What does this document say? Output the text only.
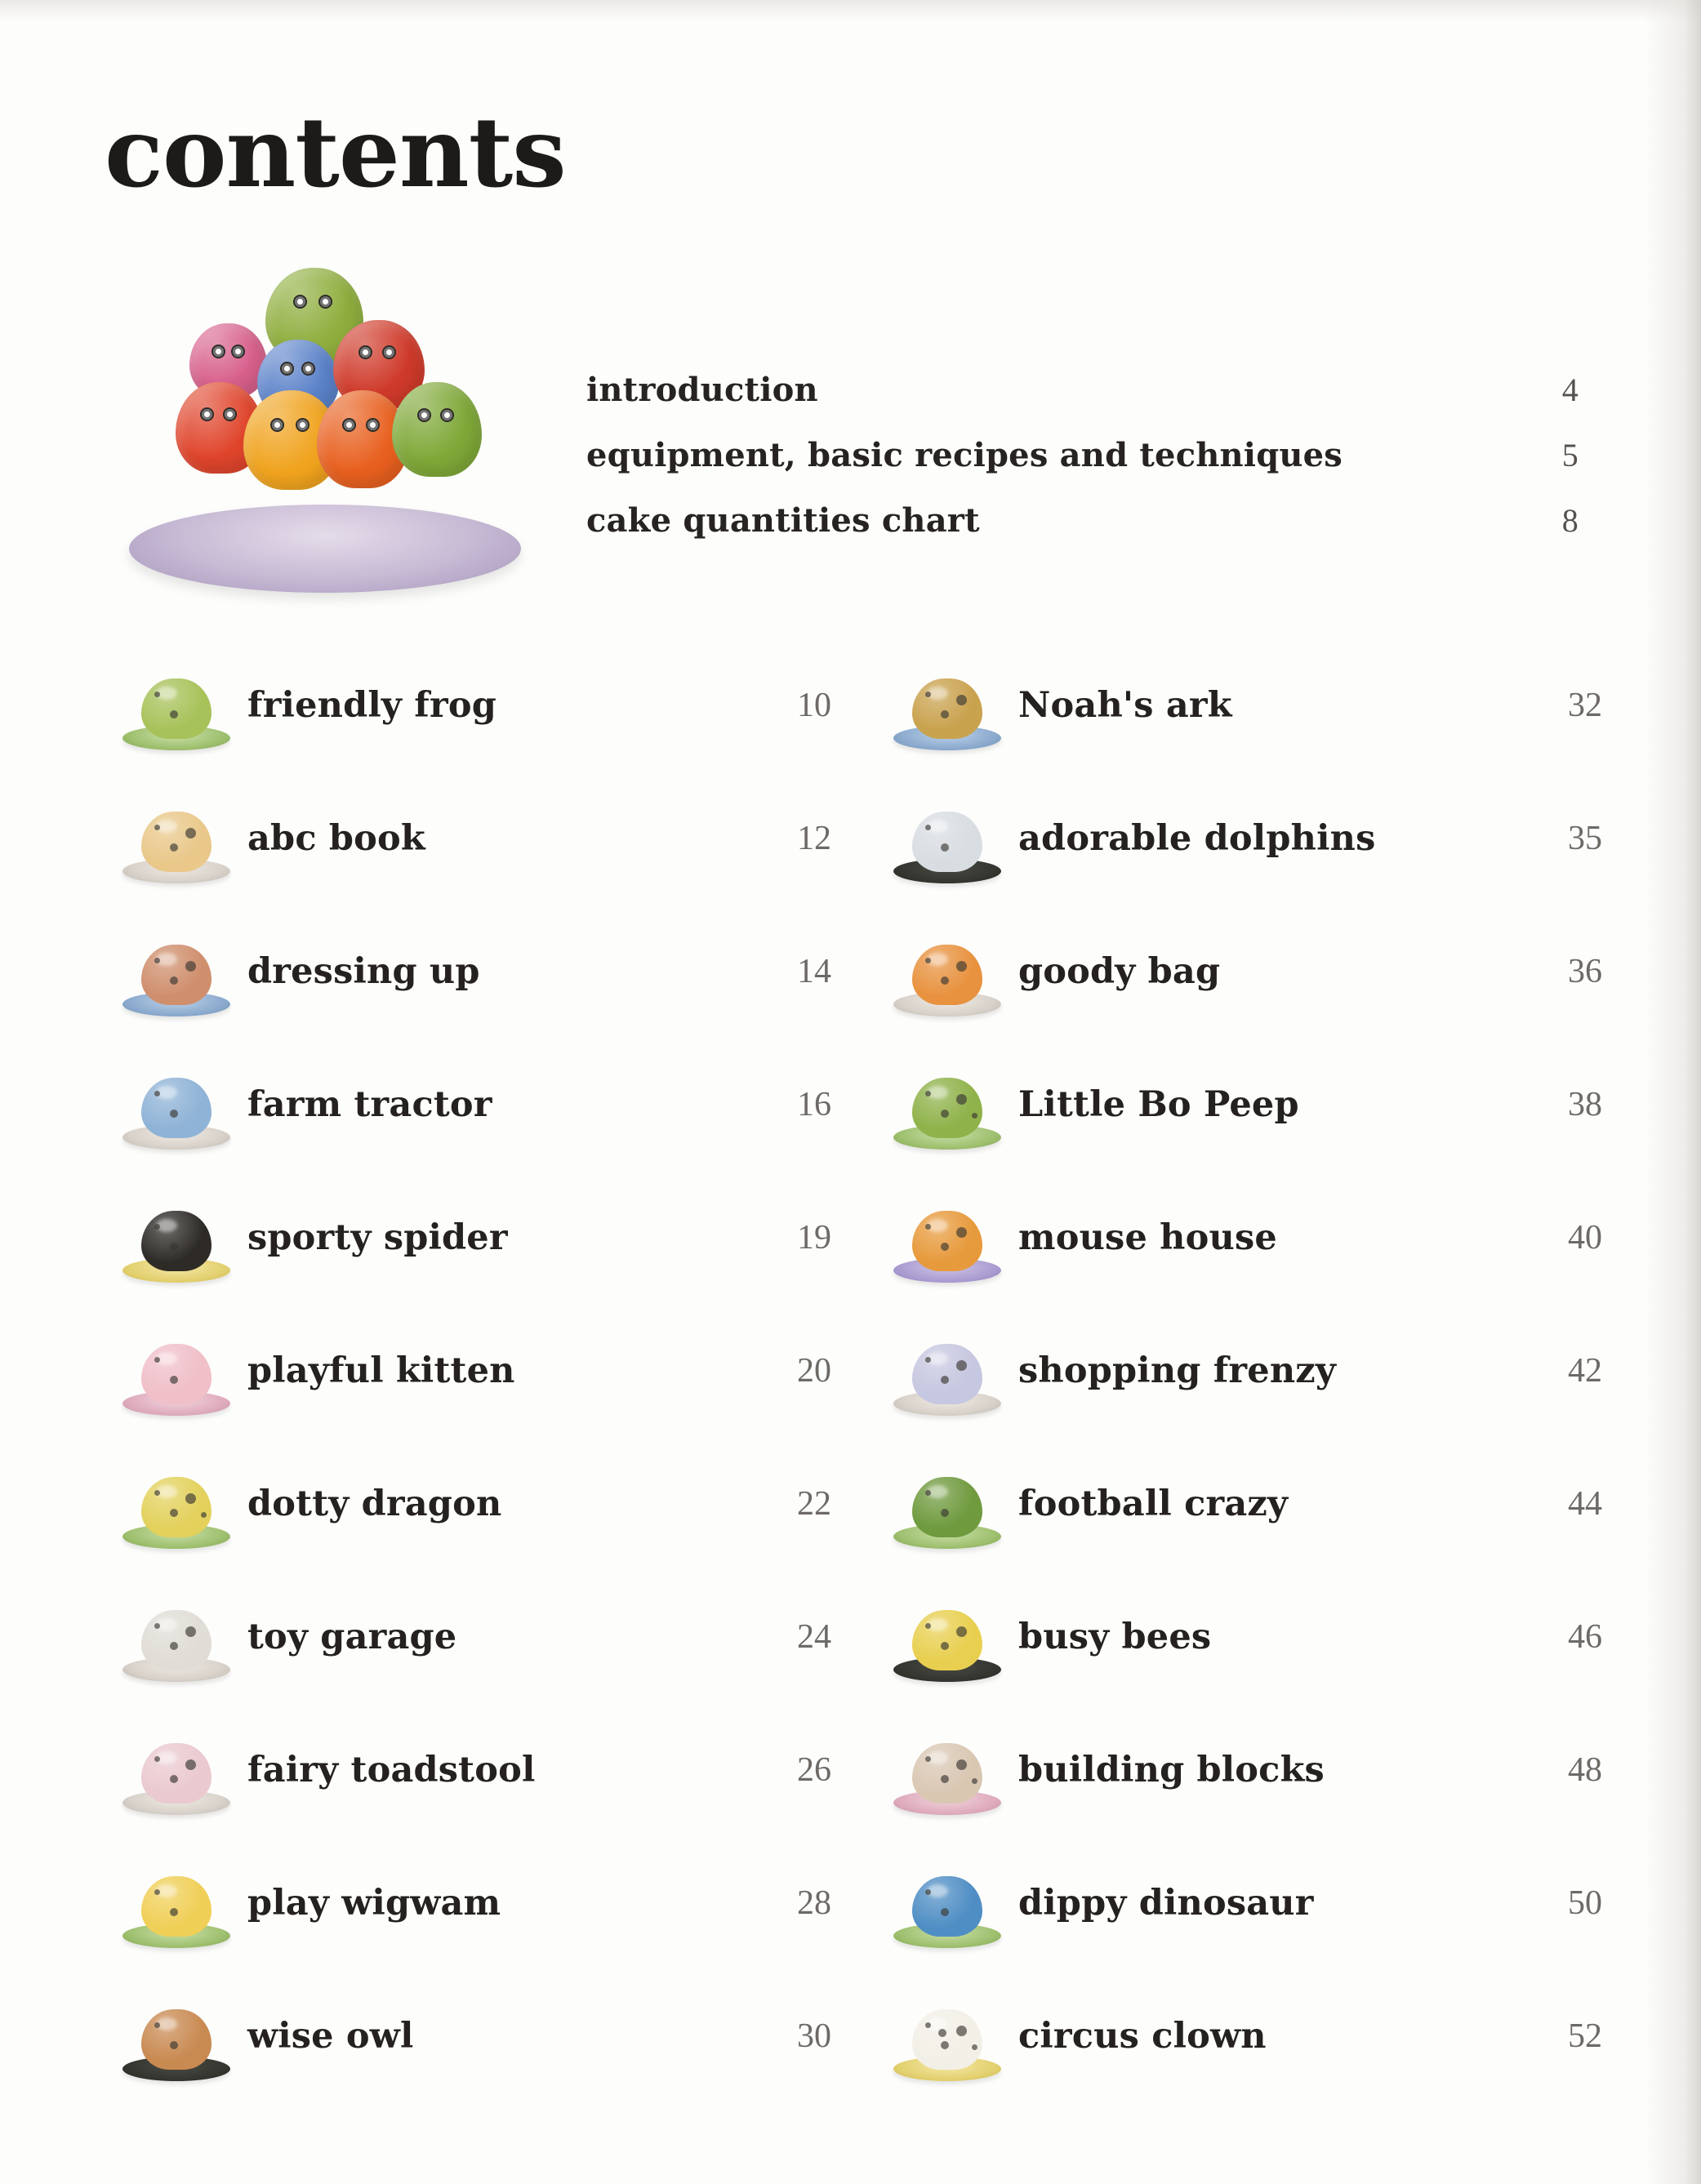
contents
introduction	4
equipment, basic recipes and techniques	5
cake quantities chart	8
friendly frog	10
abc book	12
dressing up	14
farm tractor	16
sporty spider	19
playful kitten	20
dotty dragon	22
toy garage	24
fairy toadstool	26
play wigwam	28
wise owl	30
Noah's ark	32
adorable dolphins	35
goody bag	36
Little Bo Peep	38
mouse house	40
shopping frenzy	42
football crazy	44
busy bees	46
building blocks	48
dippy dinosaur	50
circus clown	52
